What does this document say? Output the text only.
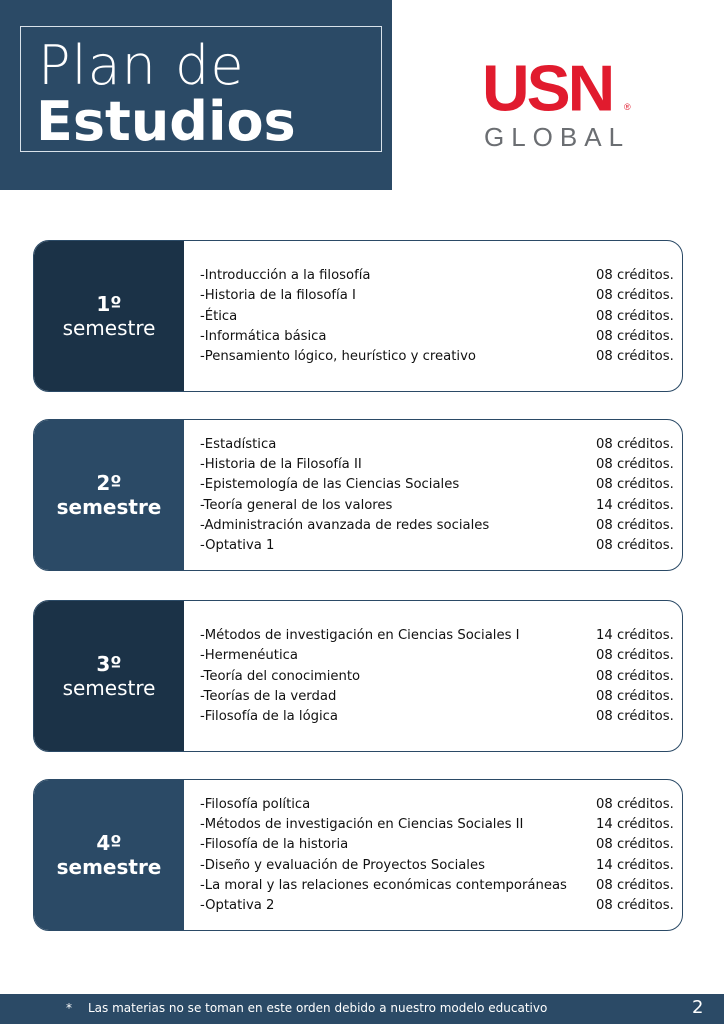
Plan de
Estudios	USN ®
GLOBAL
1º
semestre
-Introducción a la filosofía	08 créditos.
-Historia de la filosofía I	08 créditos.
-Ética	08 créditos.
-Informática básica	08 créditos.
-Pensamiento lógico, heurístico y creativo	08 créditos.
2º
semestre
-Estadística	08 créditos.
-Historia de la Filosofía II	08 créditos.
-Epistemología de las Ciencias Sociales	08 créditos.
-Teoría general de los valores	14 créditos.
-Administración avanzada de redes sociales	08 créditos.
-Optativa 1	08 créditos.
3º
semestre
-Métodos de investigación en Ciencias Sociales I	14 créditos.
-Hermenéutica	08 créditos.
-Teoría del conocimiento	08 créditos.
-Teorías de la verdad	08 créditos.
-Filosofía de la lógica	08 créditos.
4º
semestre
-Filosofía política	08 créditos.
-Métodos de investigación en Ciencias Sociales II	14 créditos.
-Filosofía de la historia	08 créditos.
-Diseño y evaluación de Proyectos Sociales	14 créditos.
-La moral y las relaciones económicas contemporáneas 08 créditos.
-Optativa 2	08 créditos.
* Las materias no se toman en este orden debido a nuestro modelo educativo	2
